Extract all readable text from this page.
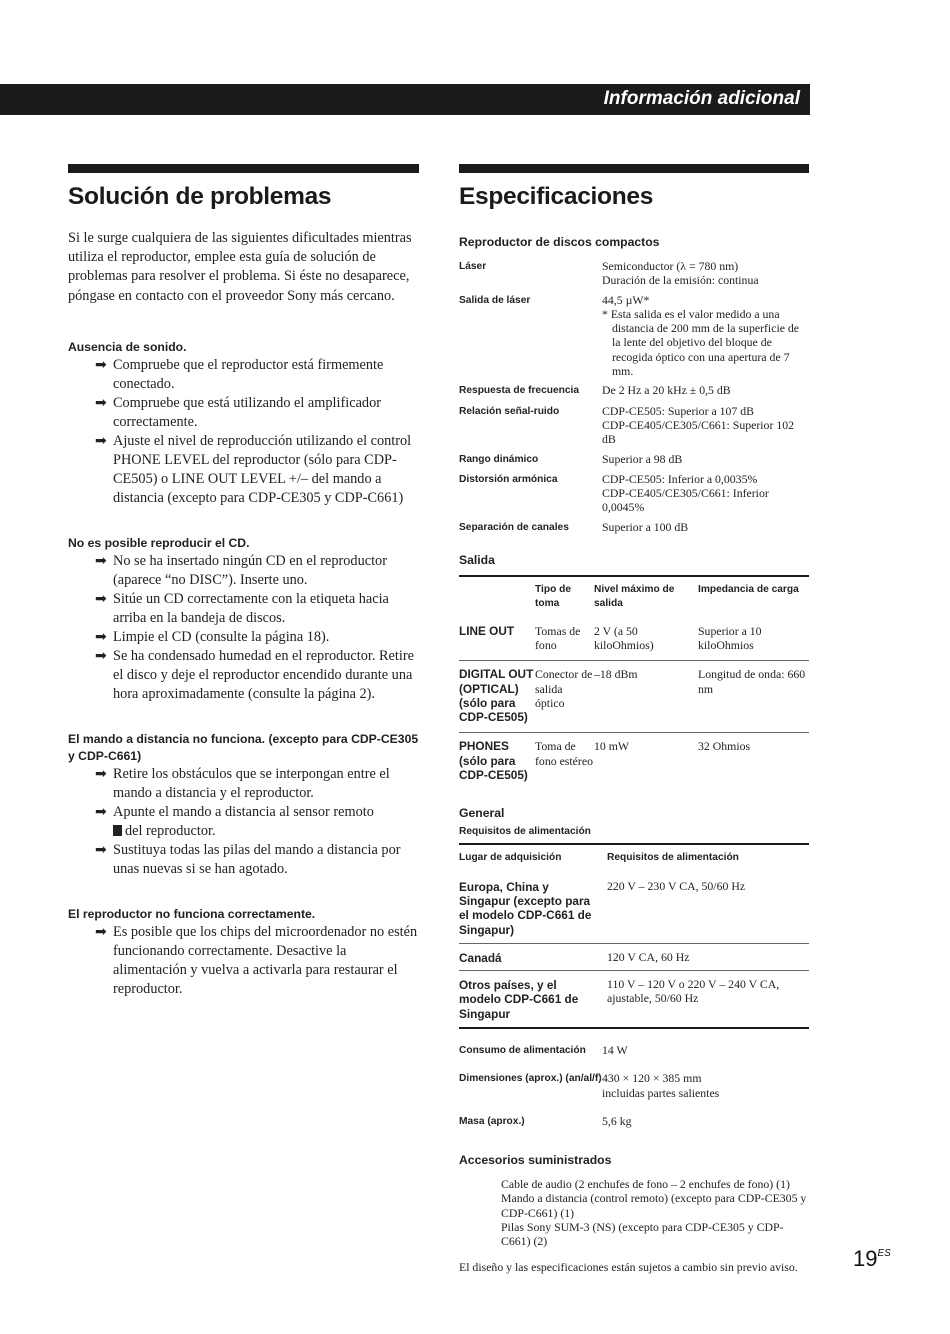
Información adicional
Solución de problemas

Si le surge cualquiera de las siguientes dificultades mientras utiliza el reproductor, emplee esta guía de solución de problemas para resolver el problema. Si éste no desaparece, póngase en contacto con el proveedor Sony más cercano.

Ausencia de sonido.
➡ Compruebe que el reproductor está firmemente conectado.
➡ Compruebe que está utilizando el amplificador correctamente.
➡ Ajuste el nivel de reproducción utilizando el control PHONE LEVEL del reproductor (sólo para CDP-CE505) o LINE OUT LEVEL +/– del mando a distancia (excepto para CDP-CE305 y CDP-C661)
No es posible reproducir el CD.
➡ No se ha insertado ningún CD en el reproductor (aparece “no DISC”). Inserte uno.
➡ Sitúe un CD correctamente con la etiqueta hacia arriba en la bandeja de discos.
➡ Limpie el CD (consulte la página 18).
➡ Se ha condensado humedad en el reproductor. Retire el disco y deje el reproductor encendido durante una hora aproximadamente (consulte la página 2).
El mando a distancia no funciona. (excepto para CDP-CE305 y CDP-C661)
➡ Retire los obstáculos que se interpongan entre el mando a distancia y el reproductor.
➡ Apunte el mando a distancia al sensor remoto
del reproductor.
➡ Sustituya todas las pilas del mando a distancia por unas nuevas si se han agotado.
El reproductor no funciona correctamente.
➡ Es posible que los chips del microordenador no estén funcionando correctamente. Desactive la alimentación y vuelva a activarla para restaurar el reproductor.
Especificaciones
Reproductor de discos compactos
Láser	Semiconductor (λ = 780 nm)
Duración de la emisión: continua
Salida de láser	44,5 µW*
* Esta salida es el valor medido a una distancia de 200 mm de la superficie de la lente del objetivo del bloque de recogida óptico con una apertura de 7 mm.
Respuesta de frecuencia	De 2 Hz a 20 kHz ± 0,5 dB
Relación señal-ruido	CDP-CE505: Superior a 107 dB
CDP-CE405/CE305/C661: Superior 102 dB
Rango dinámico	Superior a 98 dB
Distorsión armónica	CDP-CE505: Inferior a 0,0035%
CDP-CE405/CE305/C661: Inferior 0,0045%
Separación de canales	Superior a 100 dB
Salida
	Tipo de toma	Nivel máximo de salida	Impedancia de carga
LINE OUT	Tomas de fono	2 V (a 50 kiloOhmios)	Superior a 10 kiloOhmios
DIGITAL OUT (OPTICAL) (sólo para CDP-CE505)	Conector de salida óptico	–18 dBm	Longitud de onda: 660 nm
PHONES (sólo para CDP-CE505)	Toma de fono estéreo	10 mW	32 Ohmios
General
Requisitos de alimentación
Lugar de adquisición	Requisitos de alimentación
Europa, China y Singapur (excepto para el modelo CDP-C661 de Singapur)	220 V – 230 V CA, 50/60 Hz
Canadá	120 V CA, 60 Hz
Otros países, y el modelo CDP-C661 de Singapur	110 V – 120 V o 220 V – 240 V CA, ajustable, 50/60 Hz
Consumo de alimentación	14 W
Dimensiones (aprox.) (an/al/f) 430 × 120 × 385 mm
incluidas partes salientes
Masa (aprox.)	5,6 kg
Accesorios suministrados
Cable de audio (2 enchufes de fono – 2 enchufes de fono) (1)
Mando a distancia (control remoto) (excepto para CDP-CE305 y CDP-C661) (1)
Pilas Sony SUM-3 (NS) (excepto para CDP-CE305 y CDP-C661) (2)

El diseño y las especificaciones están sujetos a cambio sin previo aviso.	$19^{ES}$
